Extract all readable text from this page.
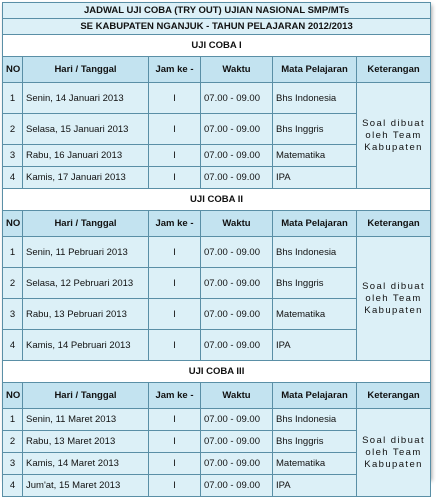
JADWAL UJI COBA (TRY OUT) UJIAN NASIONAL SMP/MTs					
SE KABUPATEN NGANJUK - TAHUN PELAJARAN 2012/2013					
UJI COBA I					
NO	Hari / Tanggal	Jam ke -	Waktu	Mata Pelajaran	Keterangan
1	Senin, 14 Januari 2013	I	07.00 - 09.00	Bhs Indonesia	Soal dibuat oleh Team Kabupaten
2	Selasa, 15 Januari 2013	I	07.00 - 09.00	Bhs Inggris	
3	Rabu, 16 Januari 2013	I	07.00 - 09.00	Matematika	
4	Kamis, 17 Januari 2013	I	07.00 - 09.00	IPA	
UJI COBA II					
NO	Hari / Tanggal	Jam ke -	Waktu	Mata Pelajaran	Keterangan
1	Senin, 11 Pebruari 2013	I	07.00 - 09.00	Bhs Indonesia	Soal dibuat oleh Team Kabupaten
2	Selasa, 12 Pebruari 2013	I	07.00 - 09.00	Bhs Inggris	
3	Rabu, 13 Pebruari 2013	I	07.00 - 09.00	Matematika	
4	Kamis, 14 Pebruari 2013	I	07.00 - 09.00	IPA	
UJI COBA III					
NO	Hari / Tanggal	Jam ke -	Waktu	Mata Pelajaran	Keterangan
1	Senin, 11 Maret 2013	I	07.00 - 09.00	Bhs Indonesia	Soal dibuat oleh Team Kabupaten
2	Rabu, 13 Maret 2013	I	07.00 - 09.00	Bhs Inggris	
3	Kamis, 14 Maret 2013	I	07.00 - 09.00	Matematika	
4	Jum'at, 15 Maret 2013	I	07.00 - 09.00	IPA	
